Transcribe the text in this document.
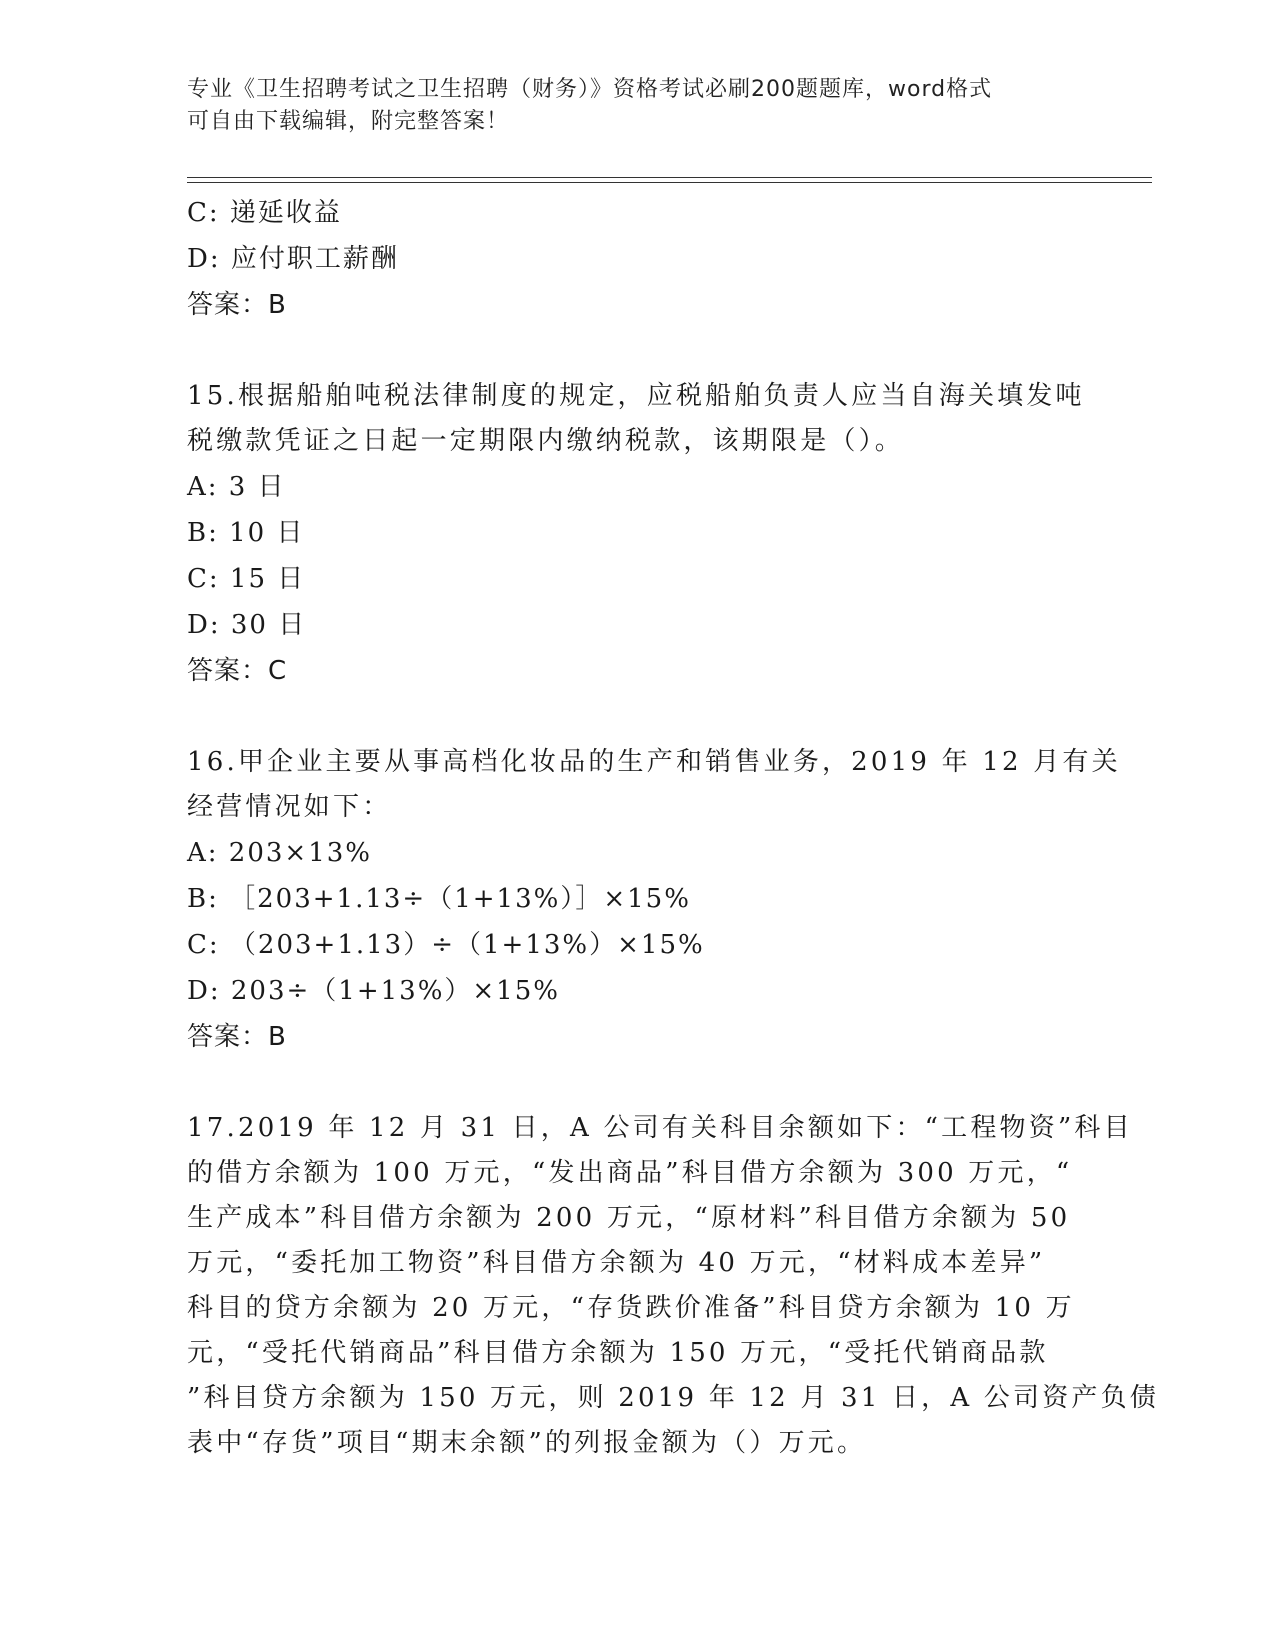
专业《卫生招聘考试之卫生招聘（财务）》资格考试必刷200题题库，word格式
可自由下载编辑，附完整答案！
C: 递延收益
D: 应付职工薪酬
答案：B
15.根据船舶吨税法律制度的规定，应税船舶负责人应当自海关填发吨
税缴款凭证之日起一定期限内缴纳税款，该期限是（）。
A: 3 日
B: 10 日
C: 15 日
D: 30 日
答案：C
16.甲企业主要从事高档化妆品的生产和销售业务，2019 年 12 月有关
经营情况如下：
A: 203×13%
B: ［203+1.13÷（1+13%）］×15%
C: （203+1.13）÷（1+13%）×15%
D: 203÷（1+13%）×15%
答案：B
17.2019 年 12 月 31 日，A 公司有关科目余额如下：“工程物资”科目
的借方余额为 100 万元，“发出商品”科目借方余额为 300 万元，“
生产成本”科目借方余额为 200 万元，“原材料”科目借方余额为 50
万元，“委托加工物资”科目借方余额为 40 万元，“材料成本差异”
科目的贷方余额为 20 万元，“存货跌价准备”科目贷方余额为 10 万
元，“受托代销商品”科目借方余额为 150 万元，“受托代销商品款
”科目贷方余额为 150 万元，则 2019 年 12 月 31 日，A 公司资产负债
表中“存货”项目“期末余额”的列报金额为（）万元。
